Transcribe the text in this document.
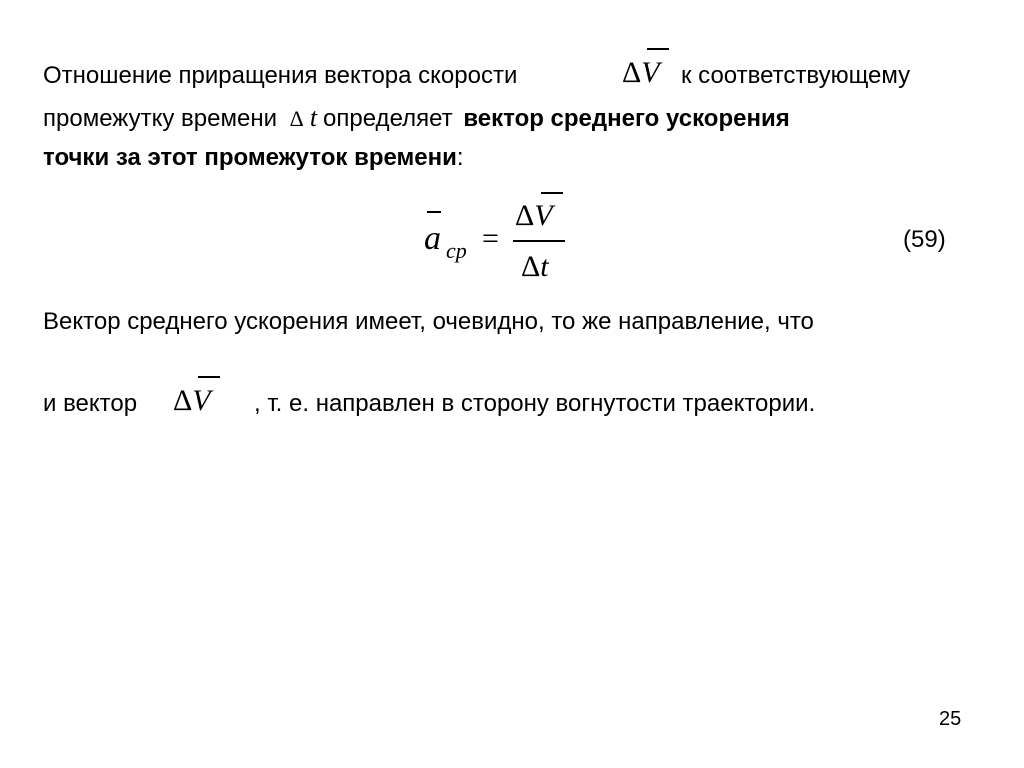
Отношение приращения вектора скорости	ΔV к соответствующему
промежутку времени Δ t определяет вектор среднего ускорения
точки за этот промежуток времени:
a ср =
ΔV
Δt
(59)
Вектор среднего ускорения имеет, очевидно, то же направление, что
и вектор ΔV , т. е. направлен в сторону вогнутости траектории.
25
